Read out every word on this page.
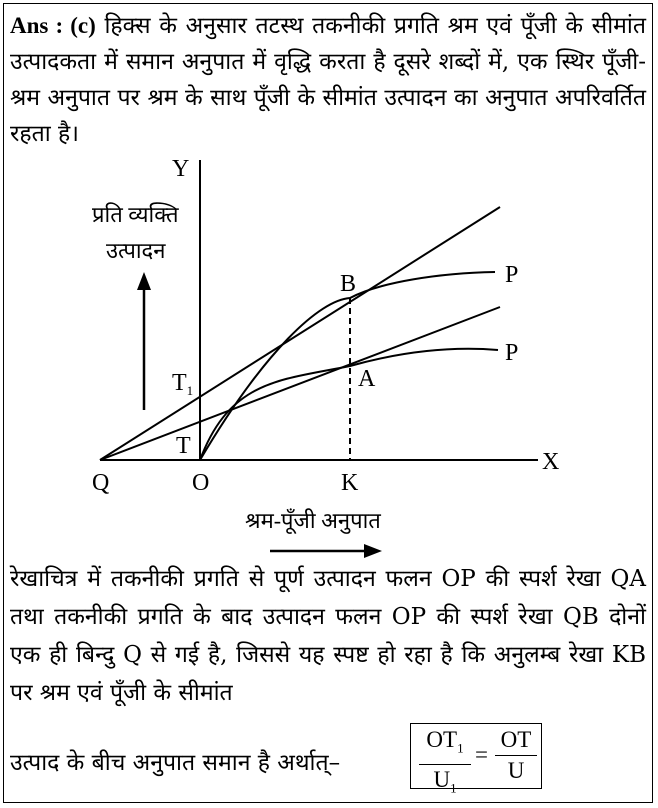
Ans : (c) हिक्स के अनुसार तटस्थ तकनीकी प्रगति श्रम एवं पूँजी के सीमांत उत्पादकता में समान अनुपात में वृद्धि करता है दूसरे शब्दों में, एक स्थिर पूँजी-श्रम अनुपात पर श्रम के साथ पूँजी के सीमांत उत्पादन का अनुपात अपरिवर्तित रहता है।
Y
X
Q	O	K
B
A
P
P
T
$T_1$
प्रति व्यक्ति
उत्पादन
श्रम-पूँजी अनुपात
रेखाचित्र में तकनीकी प्रगति से पूर्ण उत्पादन फलन OP की स्पर्श रेखा QA तथा तकनीकी प्रगति के बाद उत्पादन फलन OP की स्पर्श रेखा QB दोनों एक ही बिन्दु Q से गई है, जिससे यह स्पष्ट हो रहा है कि अनुलम्ब रेखा KB पर श्रम एवं पूँजी के सीमांत
उत्पाद के बीच अनुपात समान है अर्थात्–	$\frac{OT_1}{U_1} = \frac{OT}{U}$
